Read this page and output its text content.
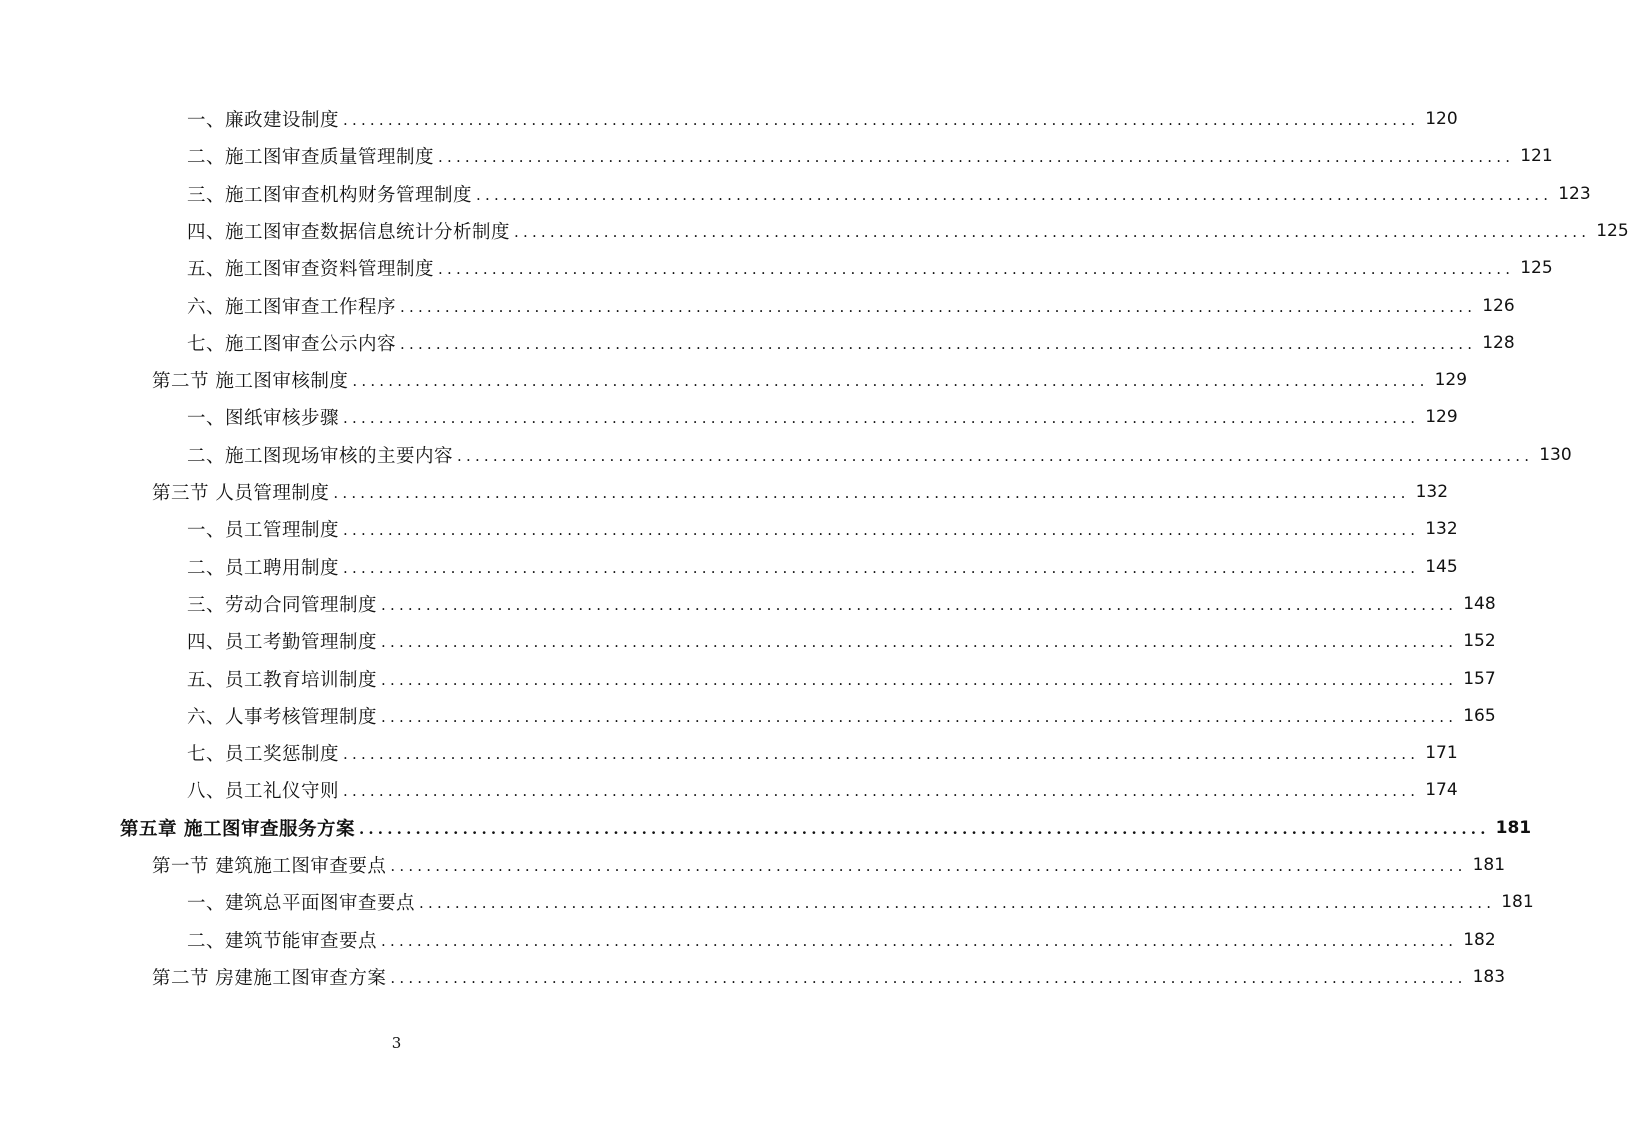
一、廉政建设制度 ........................................................................................................................ 120
二、施工图审查质量管理制度 ........................................................................................................................ 121
三、施工图审查机构财务管理制度 ........................................................................................................................ 123
四、施工图审查数据信息统计分析制度 ........................................................................................................................ 125
五、施工图审查资料管理制度 ........................................................................................................................ 125
六、施工图审查工作程序 ........................................................................................................................ 126
七、施工图审查公示内容 ........................................................................................................................ 128
第二节 施工图审核制度 ........................................................................................................................ 129
一、图纸审核步骤 ........................................................................................................................ 129
二、施工图现场审核的主要内容 ........................................................................................................................ 130
第三节 人员管理制度 ........................................................................................................................ 132
一、员工管理制度 ........................................................................................................................ 132
二、员工聘用制度 ........................................................................................................................ 145
三、劳动合同管理制度 ........................................................................................................................ 148
四、员工考勤管理制度 ........................................................................................................................ 152
五、员工教育培训制度 ........................................................................................................................ 157
六、人事考核管理制度 ........................................................................................................................ 165
七、员工奖惩制度 ........................................................................................................................ 171
八、员工礼仪守则 ........................................................................................................................ 174
第五章 施工图审查服务方案 ........................................................................................................................ 181
第一节 建筑施工图审查要点 ........................................................................................................................ 181
一、建筑总平面图审查要点 ........................................................................................................................ 181
二、建筑节能审查要点 ........................................................................................................................ 182
第二节 房建施工图审查方案 ........................................................................................................................ 183
3
